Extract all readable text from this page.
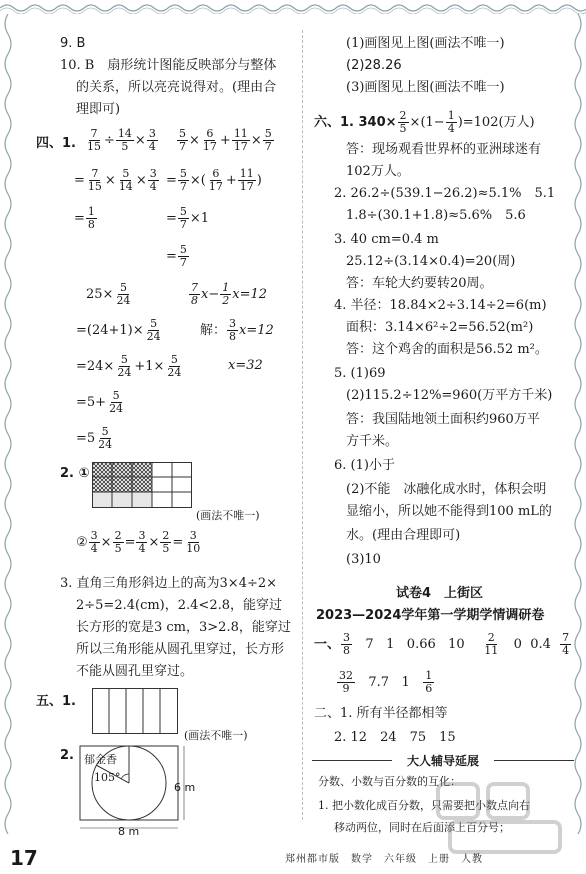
9. B
10. B　扇形统计图能反映部分与整体
的关系，所以亮亮说得对。(理由合
理即可)
四、1. $\frac{7}{15} \div \frac{14}{5} \times \frac{3}{4}$
= $\frac{7}{15} \times \frac{5}{14} \times \frac{3}{4}$
= $\frac{1}{8}$
$\frac{5}{7} \times \frac{6}{17} + \frac{11}{17} \times \frac{5}{7}$
= $\frac{5}{7}$ ×( $\frac{6}{17} + \frac{11}{17}$ )
= $\frac{5}{7} \times 1$
= $\frac{5}{7}$
$25\times \frac{5}{24}$
$=(24+1)\times \frac{5}{24}$
$=24\times \frac{5}{24} +1\times \frac{5}{24}$
$=5+ \frac{5}{24}$
$=5 \frac{5}{24}$
$\frac{7}{8} x- \frac{1}{2} x=12$
解： $\frac{3}{8} x=12$
x=32
2. ①
(画法不唯一)
② $\frac{3}{4} \times \frac{2}{5} = \frac{3}{4} \times \frac{2}{5} = \frac{3}{10}$
3. 直角三角形斜边上的高为3×4÷2×
2÷5=2.4(cm)，2.4<2.8，能穿过
长方形的宽是3 cm，3>2.8，能穿过
所以三角形能从圆孔里穿过，长方形
不能从圆孔里穿过。
五、1.
(画法不唯一)
2. 郁金香
105°
6 m
8 m
(1)画图见上图(画法不唯一)
(2)28.26
(3)画图见上图(画法不唯一)
六、1. $340\times \frac{2}{5} \times(1- \frac{1}{4} )=102$(万人)
答：现场观看世界杯的亚洲球迷有
102万人。
2. 26.2÷(539.1−26.2)≈5.1%　5.1
1.8÷(30.1+1.8)≈5.6%　5.6
3. 40 cm=0.4 m
25.12÷(3.14×0.4)=20(周)
答：车轮大约要转20周。
4. 半径：18.84×2÷3.14÷2=6(m)
面积：3.14×6²÷2=56.52(m²)
答：这个鸡舍的面积是56.52 m²。
5. (1)69
(2)115.2÷12%=960(万平方千米)
答：我国陆地领土面积约960万平
方千米。
6. (1)小于
(2)不能　冰融化成水时，体积会明
显缩小，所以她不能得到100 mL的
水。(理由合理即可)
(3)10
试卷4　上街区
2023—2024学年第一学期学情调研卷
一、 $\frac{3}{8} 7$ 1 0.66 $10 \frac{2}{11} 0$ $0.4 \frac{7}{4}$
$\frac{32}{9} 7.7$ $1 \frac{1}{6}$
二、1. 所有半径都相等
2. 12　24　75　15
大人辅导延展
分数、小数与百分数的互化：
1. 把小数化成百分数，只需要把小数点向右
移动两位，同时在后面添上百分号；
17	郑州都市版　数学　六年级　上册　人教
